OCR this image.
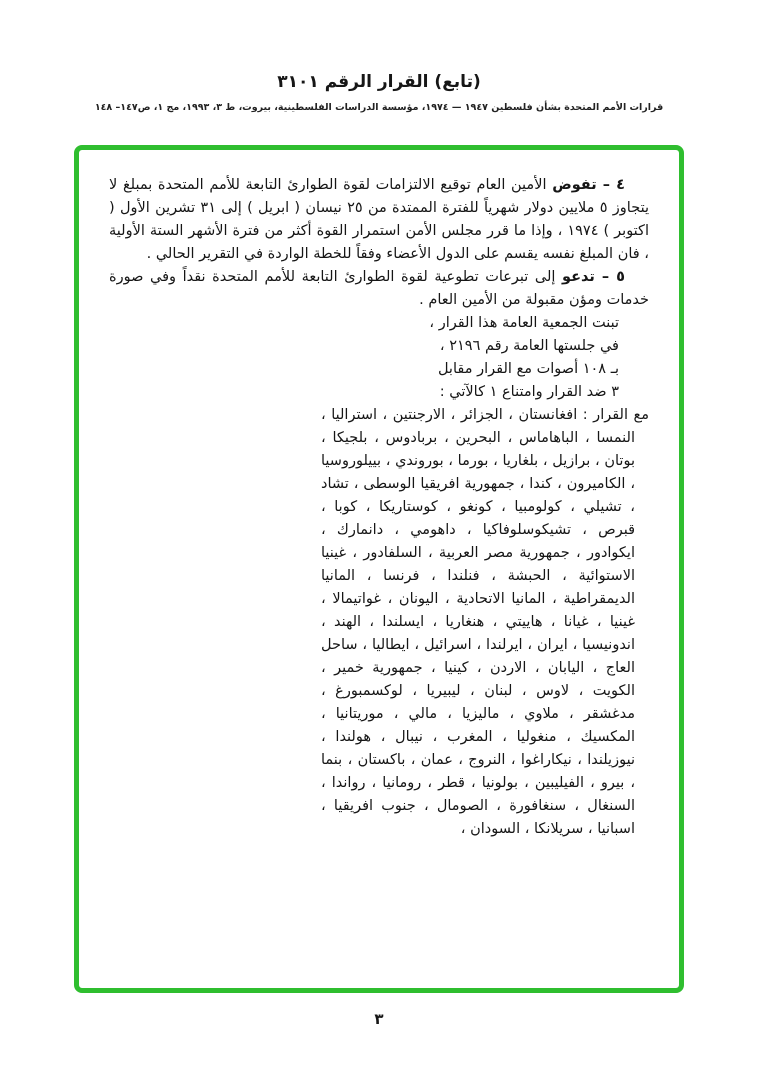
(تابع) القرار الرقم ٣١٠١
قرارات الأمم المتحدة بشأن فلسطين ١٩٤٧ — ١٩٧٤، مؤسسة الدراسات الفلسطينية، بيروت، ط ٣، ١٩٩٣، مج ١، ص١٤٧– ١٤٨

٤ – تفوض الأمين العام توقيع الالتزامات لقوة الطوارئ التابعة للأمم المتحدة بمبلغ لا يتجاوز ٥ ملايين دولار شهرياً للفترة الممتدة من ٢٥ نيسان ( ابريل ) إلى ٣١ تشرين الأول ( اكتوبر ) ١٩٧٤ ، وإذا ما قرر مجلس الأمن استمرار القوة أكثر من فترة الأشهر الستة الأولية ، فان المبلغ نفسه يقسم على الدول الأعضاء وفقاً للخطة الواردة في التقرير الحالي .

٥ – تدعو إلى تبرعات تطوعية لقوة الطوارئ التابعة للأمم المتحدة نقداً وفي صورة خدمات ومؤن مقبولة من الأمين العام .

تبنت الجمعية العامة هذا القرار ،
في جلستها العامة رقم ٢١٩٦ ،
بـ ١٠٨ أصوات مع القرار مقابل
٣ ضد القرار وامتناع ١ كالآتي :

مع القرار : افغانستان ، الجزائر ، الارجنتين ، استراليا ، النمسا ، الباهاماس ، البحرين ، بربادوس ، بلجيكا ، بوتان ، برازيل ، بلغاريا ، بورما ، بوروندي ، بييلوروسيا ، الكاميرون ، كندا ، جمهورية افريقيا الوسطى ، تشاد ، تشيلي ، كولومبيا ، كونغو ، كوستاريكا ، كوبا ، قبرص ، تشيكوسلوفاكيا ، داهومي ، دانمارك ، ايكوادور ، جمهورية مصر العربية ، السلفادور ، غينيا الاستوائية ، الحبشة ، فنلندا ، فرنسا ، المانيا الديمقراطية ، المانيا الاتحادية ، اليونان ، غواتيمالا ، غينيا ، غيانا ، هاييتي ، هنغاريا ، ايسلندا ، الهند ، اندونيسيا ، ايران ، ايرلندا ، اسرائيل ، ايطاليا ، ساحل العاج ، اليابان ، الاردن ، كينيا ، جمهورية خمير ، الكويت ، لاوس ، لبنان ، ليبيريا ، لوكسمبورغ ، مدغشقر ، ملاوي ، ماليزيا ، مالي ، موريتانيا ، المكسيك ، منغوليا ، المغرب ، نيبال ، هولندا ، نيوزيلندا ، نيكاراغوا ، النروج ، عمان ، باكستان ، بنما ، بيرو ، الفيليبين ، بولونيا ، قطر ، رومانيا ، رواندا ، السنغال ، سنغافورة ، الصومال ، جنوب افريقيا ، اسبانيا ، سريلانكا ، السودان ،

٣
